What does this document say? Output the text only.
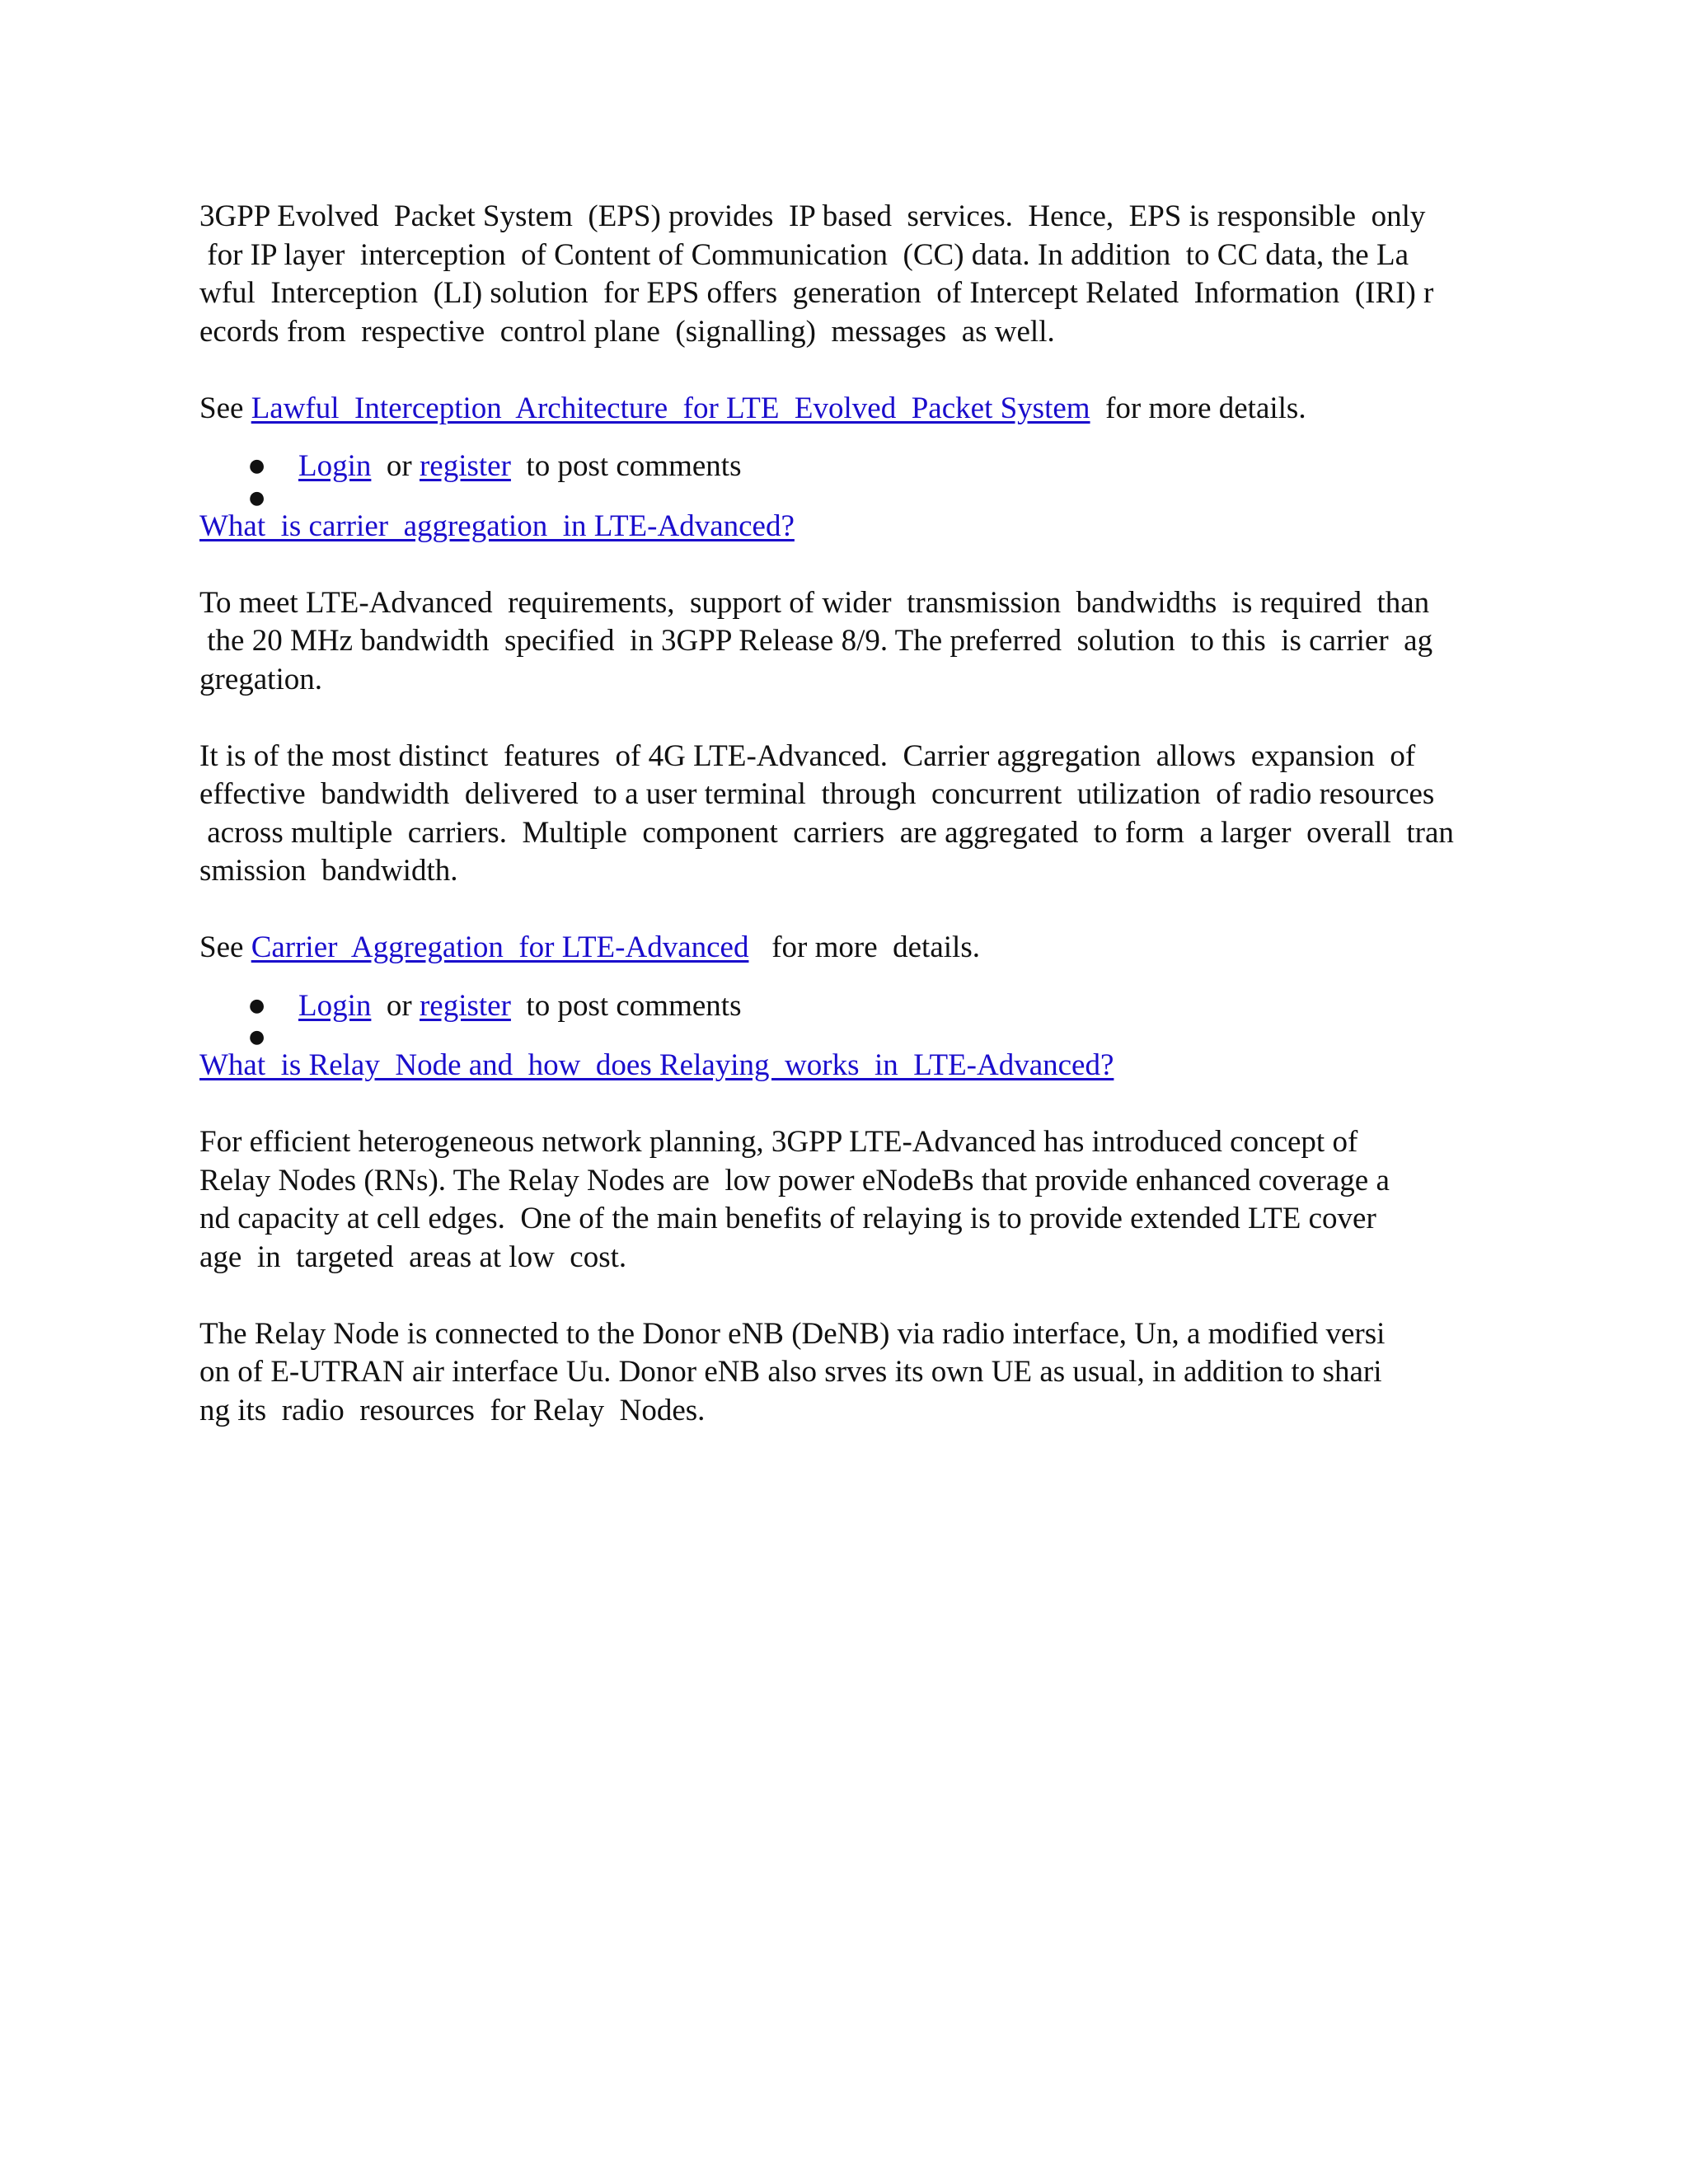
3GPP Evolved  Packet System  (EPS) provides  IP based  services.  Hence,  EPS is responsible  only
for IP layer  interception  of Content of Communication  (CC) data. In addition  to CC data, the La
wful  Interception  (LI) solution  for EPS offers  generation  of Intercept Related  Information  (IRI) r
ecords from  respective  control plane  (signalling)  messages  as well.
See Lawful  Interception  Architecture  for LTE  Evolved  Packet System  for more details.
● Login  or register  to post comments
●
What  is carrier  aggregation  in LTE-Advanced?
To meet LTE-Advanced  requirements,  support of wider  transmission  bandwidths  is required  than
the 20 MHz bandwidth  specified  in 3GPP Release 8/9. The preferred  solution  to this  is carrier  ag
gregation.
It is of the most distinct  features  of 4G LTE-Advanced.  Carrier aggregation  allows  expansion  of
effective  bandwidth  delivered  to a user terminal  through  concurrent  utilization  of radio resources
across multiple  carriers.  Multiple  component  carriers  are aggregated  to form  a larger  overall  tran
smission  bandwidth.
See Carrier  Aggregation  for LTE-Advanced   for more  details.
● Login  or register  to post comments
●
What  is Relay  Node and  how  does Relaying  works  in  LTE-Advanced?
For efficient heterogeneous network planning, 3GPP LTE-Advanced has introduced concept of
Relay Nodes (RNs). The Relay Nodes are  low power eNodeBs that provide enhanced coverage a
nd capacity at cell edges.  One of the main benefits of relaying is to provide extended LTE cover
age  in  targeted  areas at low  cost.
The Relay Node is connected to the Donor eNB (DeNB) via radio interface, Un, a modified versi
on of E-UTRAN air interface Uu. Donor eNB also srves its own UE as usual, in addition to shari
ng its  radio  resources  for Relay  Nodes.
